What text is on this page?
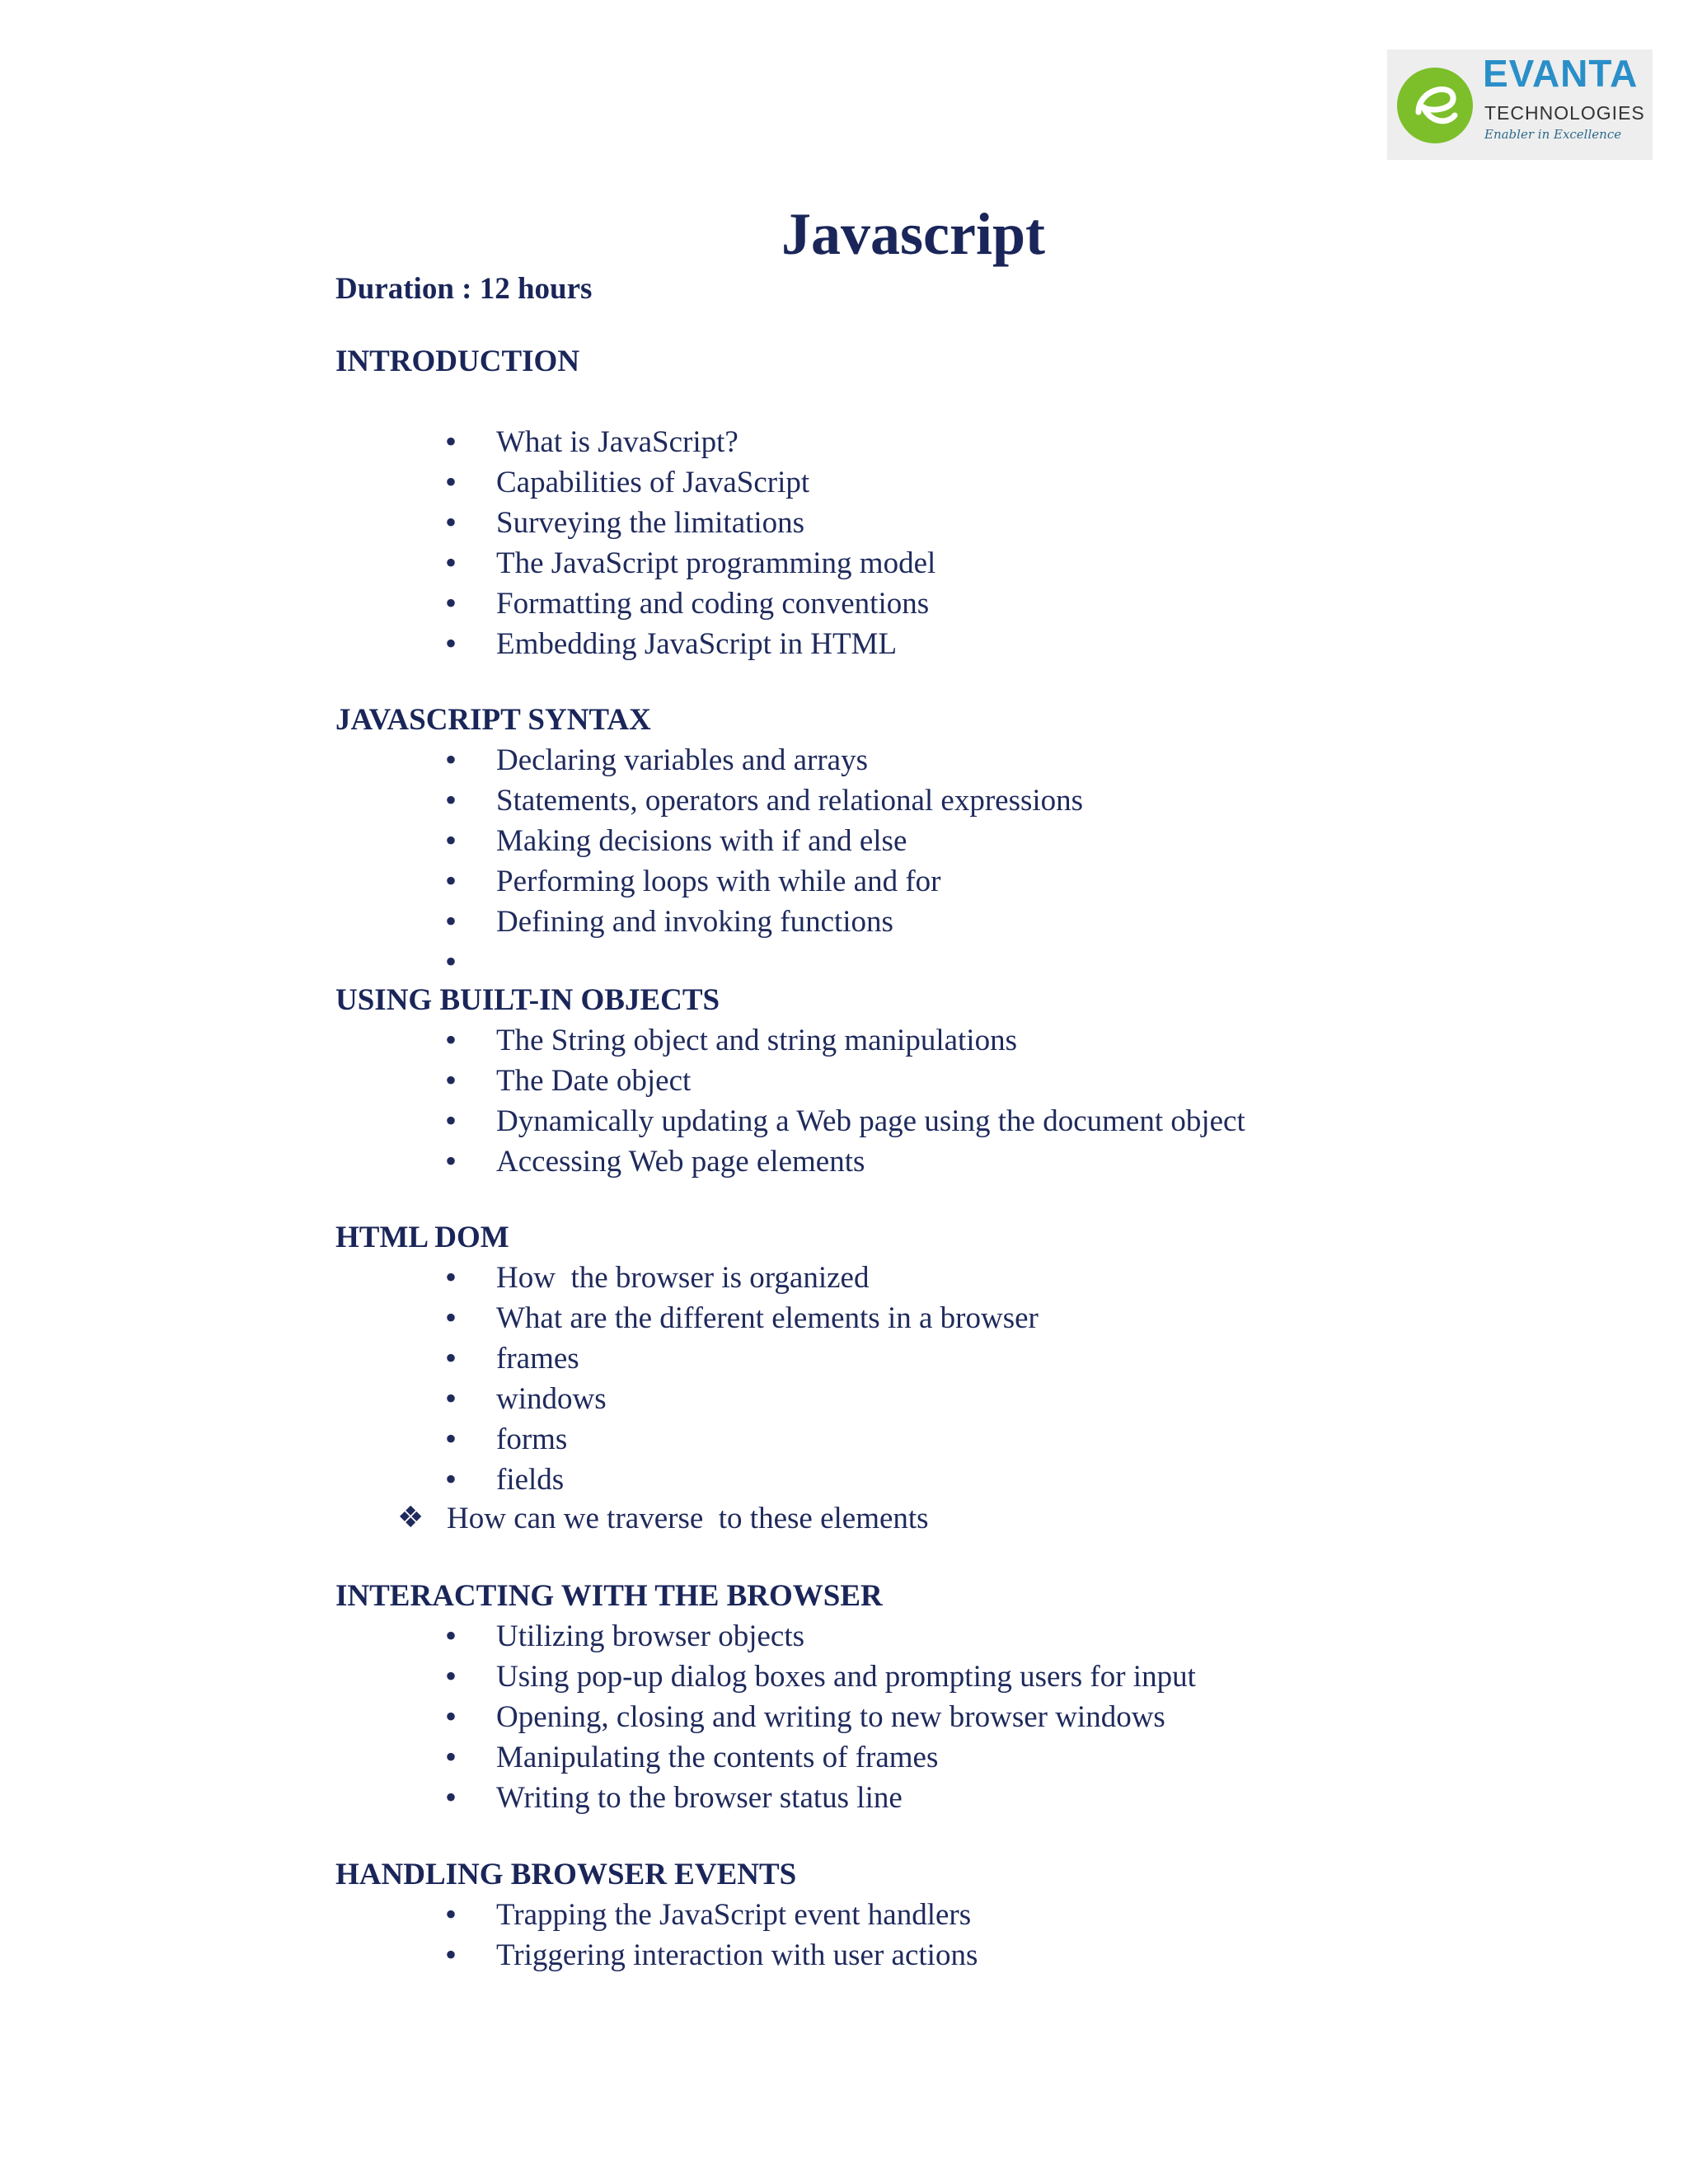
EVANTA
TECHNOLOGIES
Enabler in Excellence
Javascript
Duration : 12 hours
INTRODUCTION
• What is JavaScript?
• Capabilities of JavaScript
• Surveying the limitations
• The JavaScript programming model
• Formatting and coding conventions
• Embedding JavaScript in HTML
JAVASCRIPT SYNTAX
• Declaring variables and arrays
• Statements, operators and relational expressions
• Making decisions with if and else
• Performing loops with while and for
• Defining and invoking functions
•
USING BUILT-IN OBJECTS
• The String object and string manipulations
• The Date object
• Dynamically updating a Web page using the document object
• Accessing Web page elements
HTML DOM
• How  the browser is organized
• What are the different elements in a browser
• frames
• windows
• forms
• fields
❖ How can we traverse  to these elements
INTERACTING WITH THE BROWSER
• Utilizing browser objects
• Using pop-up dialog boxes and prompting users for input
• Opening, closing and writing to new browser windows
• Manipulating the contents of frames
• Writing to the browser status line
HANDLING BROWSER EVENTS
• Trapping the JavaScript event handlers
• Triggering interaction with user actions
